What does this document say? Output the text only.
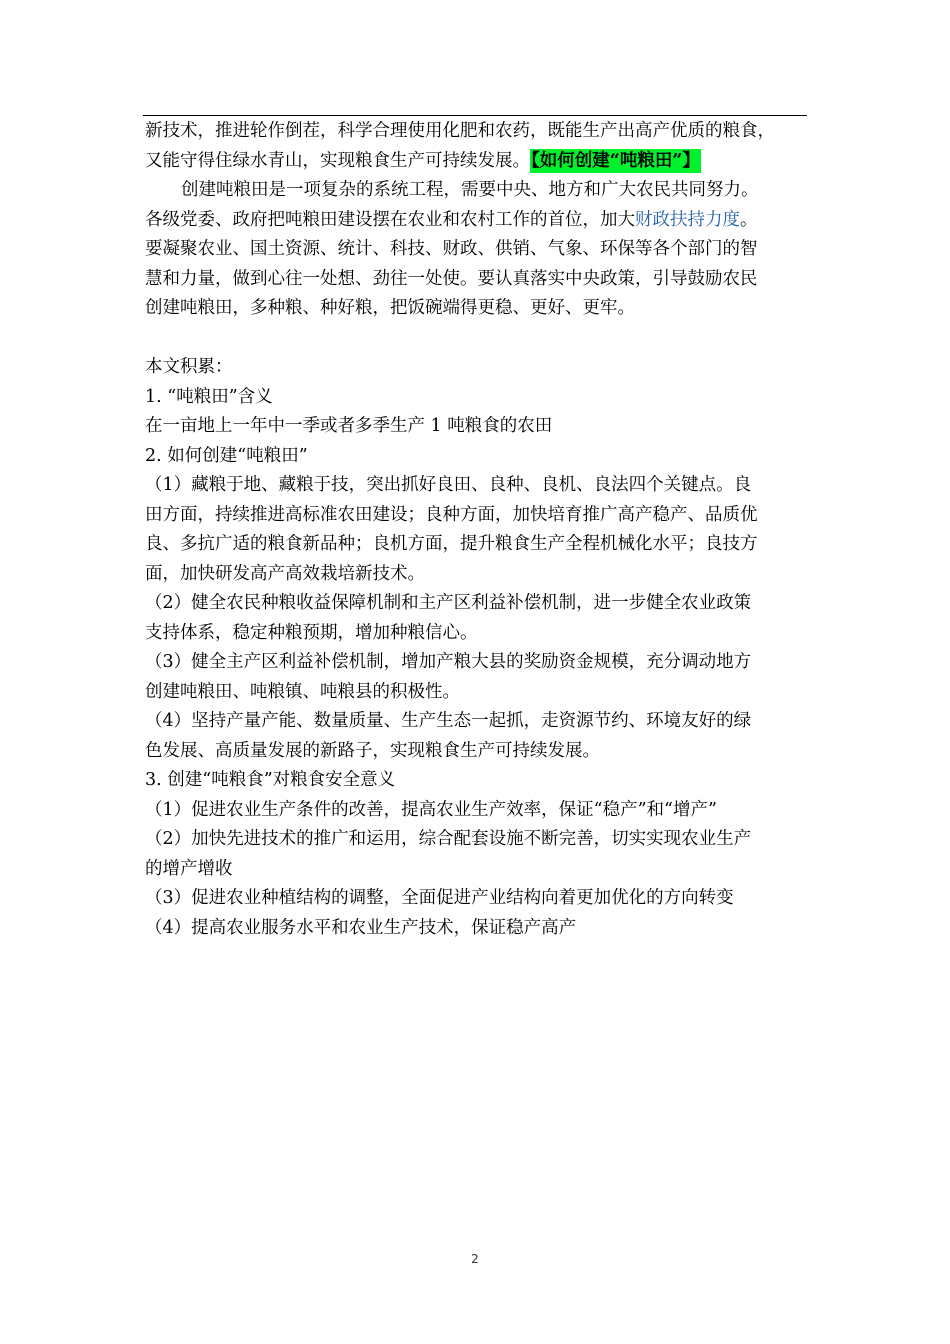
新技术，推进轮作倒茬，科学合理使用化肥和农药，既能生产出高产优质的粮食，
又能守得住绿水青山，实现粮食生产可持续发展。【如何创建“吨粮田”】
创建吨粮田是一项复杂的系统工程，需要中央、地方和广大农民共同努力。
各级党委、政府把吨粮田建设摆在农业和农村工作的首位，加大财政扶持力度。
要凝聚农业、国土资源、统计、科技、财政、供销、气象、环保等各个部门的智
慧和力量，做到心往一处想、劲往一处使。要认真落实中央政策，引导鼓励农民
创建吨粮田，多种粮、种好粮，把饭碗端得更稳、更好、更牢。
本文积累：
1. “吨粮田”含义
在一亩地上一年中一季或者多季生产 1 吨粮食的农田
2. 如何创建“吨粮田”
（1）藏粮于地、藏粮于技，突出抓好良田、良种、良机、良法四个关键点。良
田方面，持续推进高标准农田建设；良种方面，加快培育推广高产稳产、品质优
良、多抗广适的粮食新品种；良机方面，提升粮食生产全程机械化水平；良技方
面，加快研发高产高效栽培新技术。
（2）健全农民种粮收益保障机制和主产区利益补偿机制，进一步健全农业政策
支持体系，稳定种粮预期，增加种粮信心。
（3）健全主产区利益补偿机制，增加产粮大县的奖励资金规模，充分调动地方
创建吨粮田、吨粮镇、吨粮县的积极性。
（4）坚持产量产能、数量质量、生产生态一起抓，走资源节约、环境友好的绿
色发展、高质量发展的新路子，实现粮食生产可持续发展。
3. 创建“吨粮食”对粮食安全意义
（1）促进农业生产条件的改善，提高农业生产效率，保证“稳产”和“增产”
（2）加快先进技术的推广和运用，综合配套设施不断完善，切实实现农业生产
的增产增收
（3）促进农业种植结构的调整，全面促进产业结构向着更加优化的方向转变
（4）提高农业服务水平和农业生产技术，保证稳产高产
2
